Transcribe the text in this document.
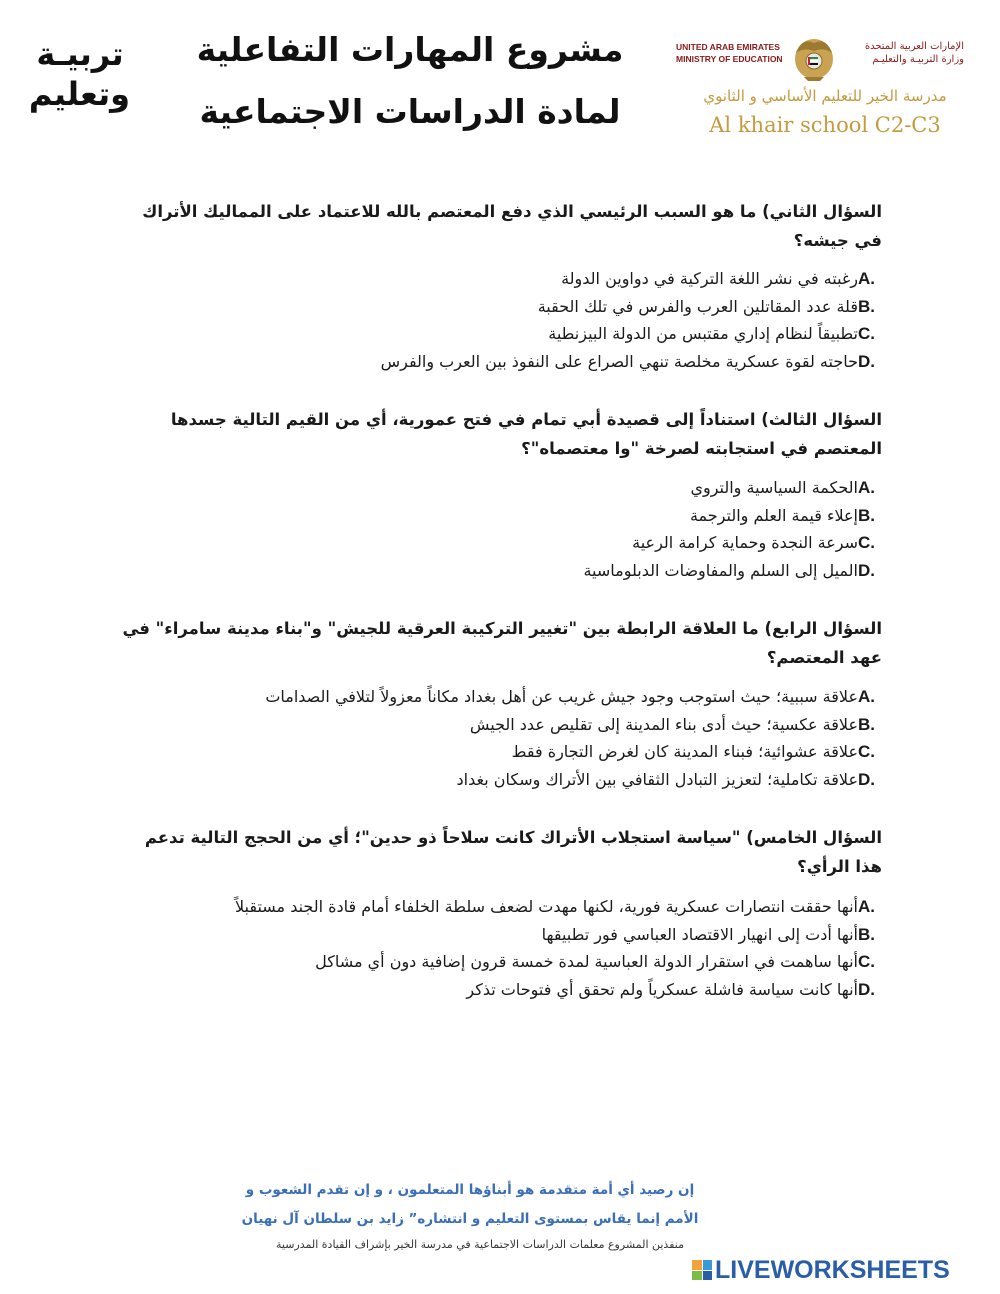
تربيـة
وتعليم
مشروع المهارات التفاعلية
لمادة الدراسات الاجتماعية
UNITED ARAB EMIRATES
MINISTRY OF EDUCATION
الإمارات العربية المتحدة
وزارة التربيـة والتعليـم
مدرسة الخير للتعليم الأساسي و الثانوي
Al khair school C2-C3
السؤال الثاني) ما هو السبب الرئيسي الذي دفع المعتصم بالله للاعتماد على المماليك الأتراك في جيشه؟
A.
رغبته في نشر اللغة التركية في دواوين الدولة
B.
قلة عدد المقاتلين العرب والفرس في تلك الحقبة
C.
تطبيقاً لنظام إداري مقتبس من الدولة البيزنطية
D.
حاجته لقوة عسكرية مخلصة تنهي الصراع على النفوذ بين العرب والفرس
السؤال الثالث) استناداً إلى قصيدة أبي تمام في فتح عمورية، أي من القيم التالية جسدها المعتصم في استجابته لصرخة "وا معتصماه"؟
A.
الحكمة السياسية والتروي
B.
إعلاء قيمة العلم والترجمة
C.
سرعة النجدة وحماية كرامة الرعية
D.
الميل إلى السلم والمفاوضات الدبلوماسية
السؤال الرابع) ما العلاقة الرابطة بين "تغيير التركيبة العرقية للجيش" و"بناء مدينة سامراء" في عهد المعتصم؟
A.
علاقة سببية؛ حيث استوجب وجود جيش غريب عن أهل بغداد مكاناً معزولاً لتلافي الصدامات
B.
علاقة عكسية؛ حيث أدى بناء المدينة إلى تقليص عدد الجيش
C.
علاقة عشوائية؛ فبناء المدينة كان لغرض التجارة فقط
D.
علاقة تكاملية؛ لتعزيز التبادل الثقافي بين الأتراك وسكان بغداد
السؤال الخامس) "سياسة استجلاب الأتراك كانت سلاحاً ذو حدين"؛ أي من الحجج التالية تدعم هذا الرأي؟
A.
أنها حققت انتصارات عسكرية فورية، لكنها مهدت لضعف سلطة الخلفاء أمام قادة الجند مستقبلاً
B.
أنها أدت إلى انهيار الاقتصاد العباسي فور تطبيقها
C.
أنها ساهمت في استقرار الدولة العباسية لمدة خمسة قرون إضافية دون أي مشاكل
D.
أنها كانت سياسة فاشلة عسكرياً ولم تحقق أي فتوحات تذكر
إن رصيد أي أمة متقدمة هو أبناؤها المتعلمون ، و إن تقدم الشعوب و
الأمم إنما يقاس بمستوى التعليم و انتشاره” زايد بن سلطان آل نهيان
منفذين المشروع معلمات الدراسات الاجتماعية في مدرسة الخير بإشراف القيادة المدرسية
LIVEWORKSHEETS
